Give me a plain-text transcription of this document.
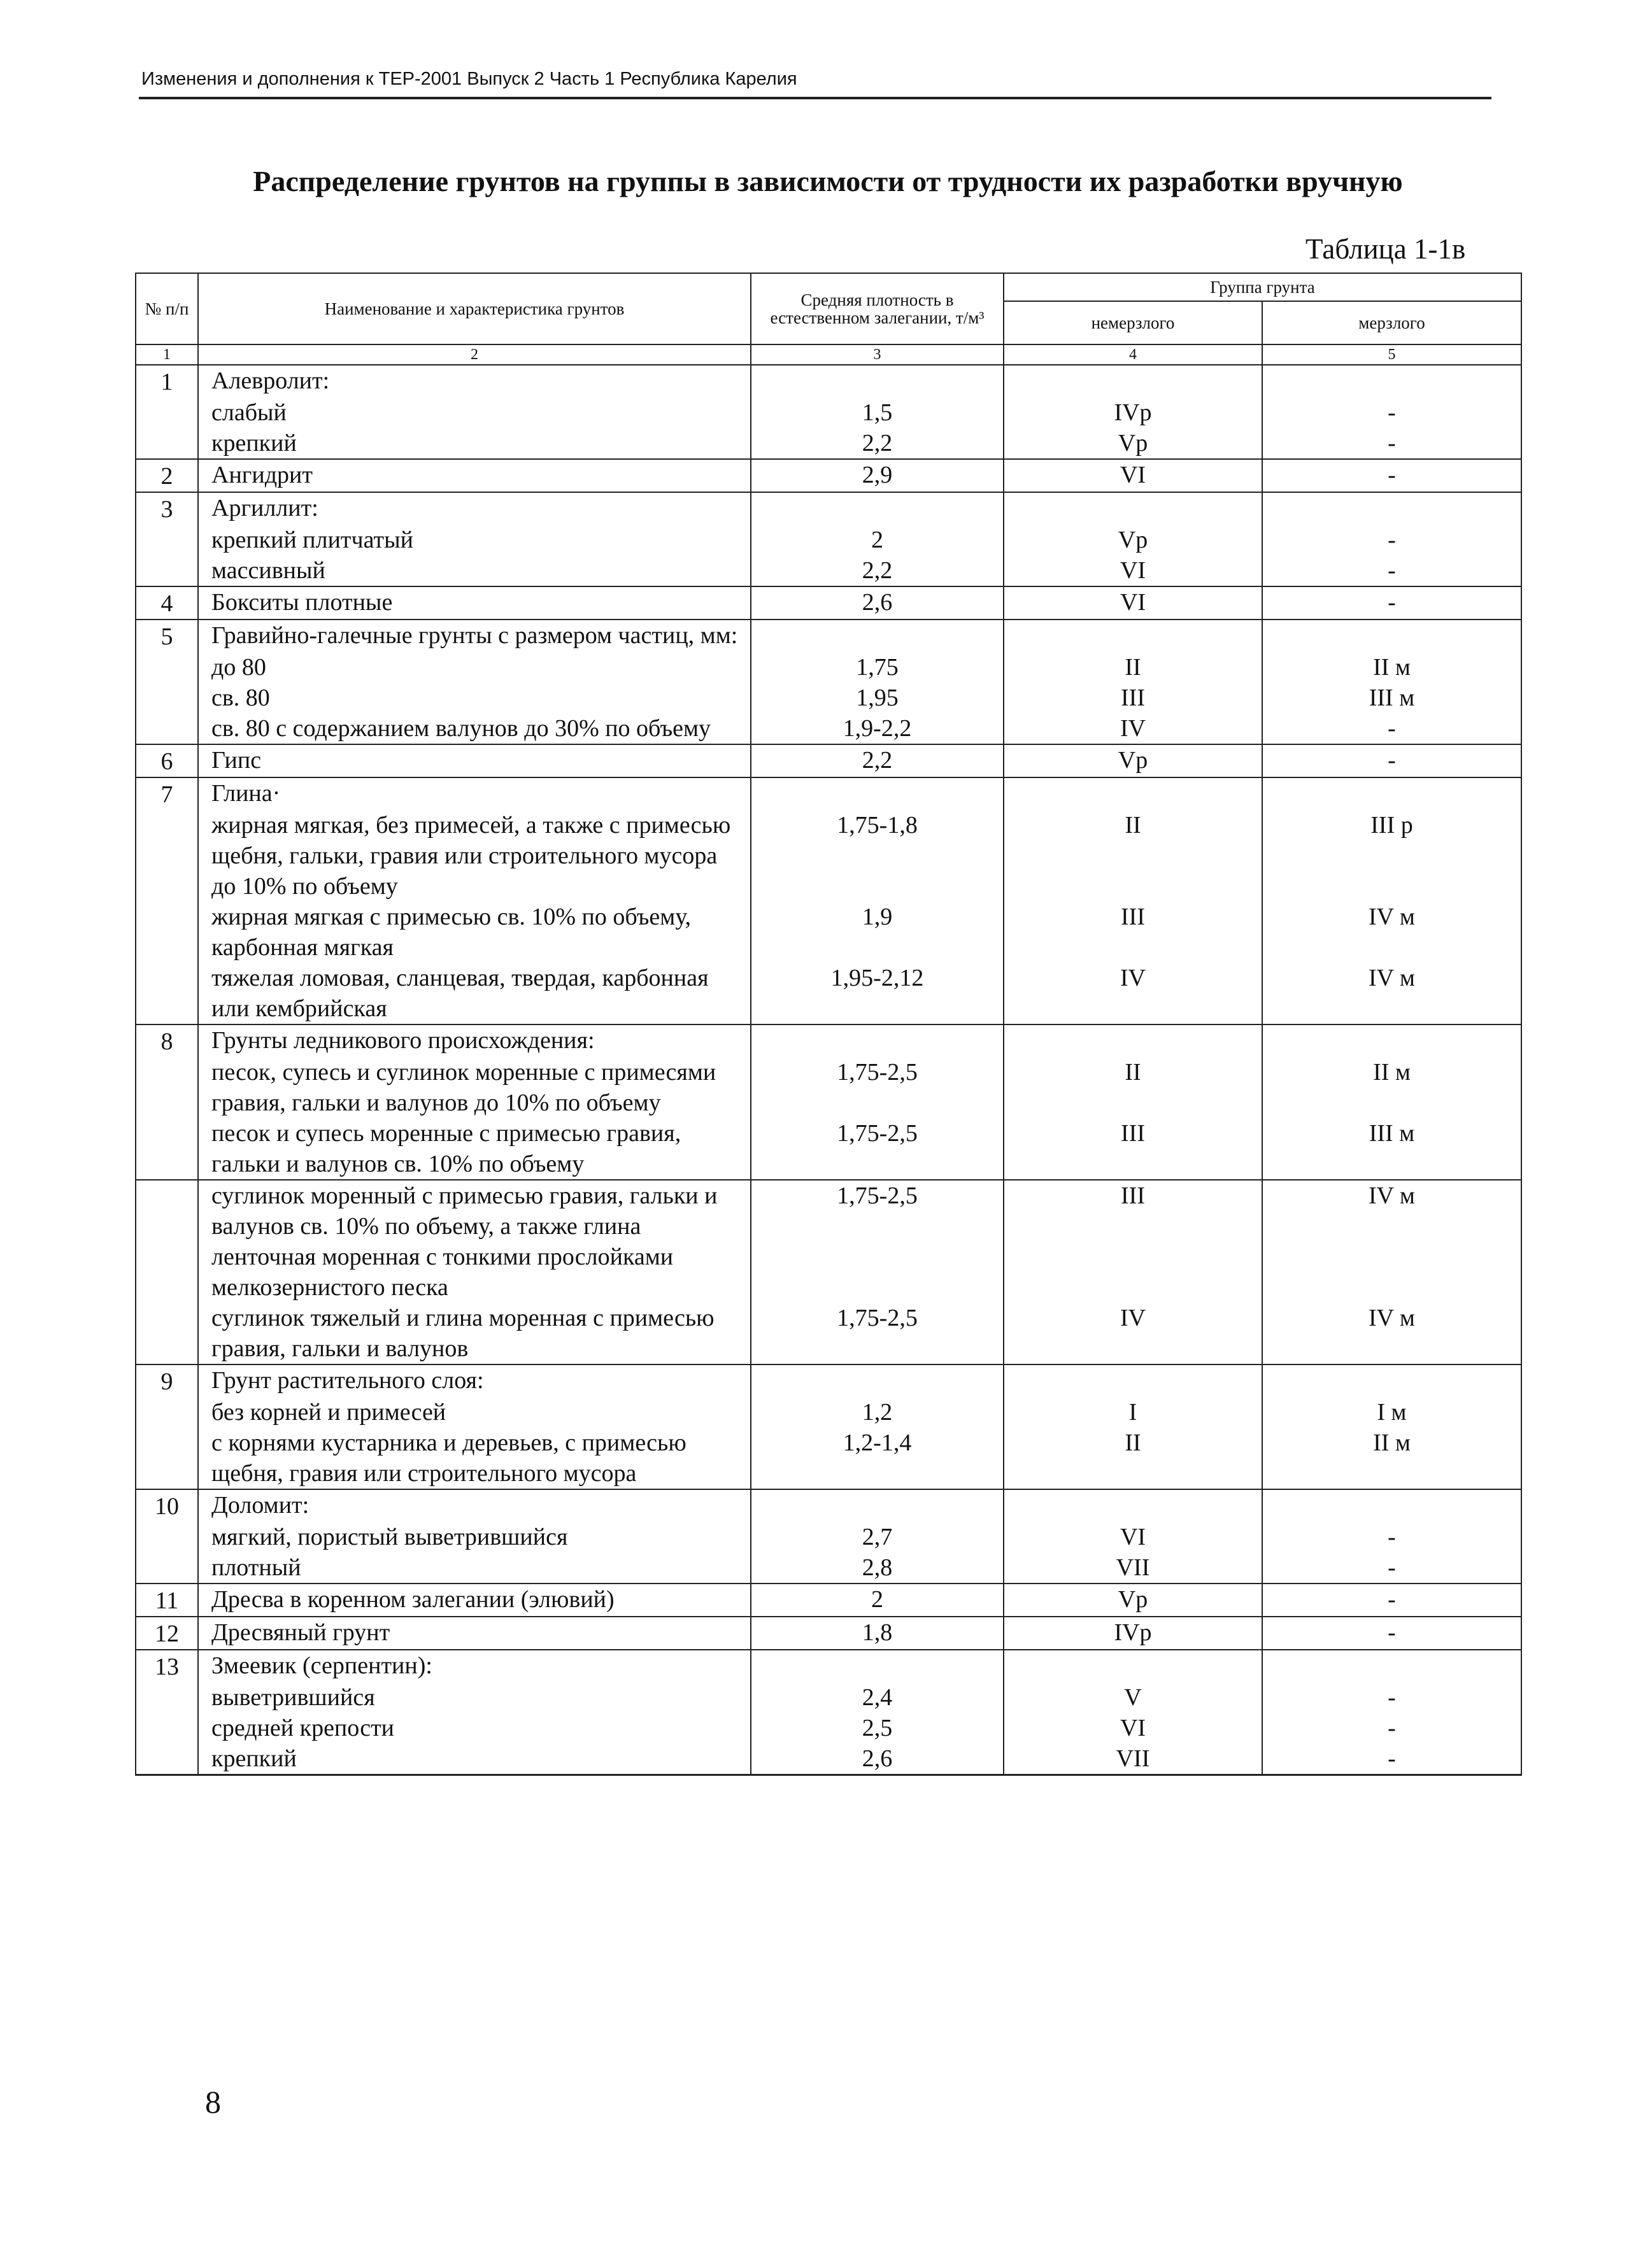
Изменения и дополнения к ТЕР-2001 Выпуск 2 Часть 1 Республика Карелия
Распределение грунтов на группы в зависимости от трудности их разработки вручную
Таблица 1-1в
№ п/п	Наименование и характеристика грунтов	Средняя плотность в естественном залегании, т/м³	Группа грунта	
			немерзлого	мерзлого
1	2	3	4	5
1	Алевролит:			
	слабый	1,5	IVр	-
	крепкий	2,2	Vр	-
2	Ангидрит	2,9	VI	-
3	Аргиллит:			
	крепкий плитчатый	2	Vр	-
	массивный	2,2	VI	-
4	Бокситы плотные	2,6	VI	-
5	Гравийно-галечные грунты с размером частиц, мм:			
	до 80	1,75	II	II м
	св. 80	1,95	III	III м
	св. 80 с содержанием валунов до 30% по объему	1,9-2,2	IV	-
6	Гипс	2,2	Vр	-
7	Глина·			
	жирная мягкая, без примесей, а также с примесью щебня, гальки, гравия или строительного мусора до 10% по объему	1,75-1,8	II	III р
	жирная мягкая с примесью св. 10% по объему, карбонная мягкая	1,9	III	IV м
	тяжелая ломовая, сланцевая, твердая, карбонная или кембрийская	1,95-2,12	IV	IV м
8	Грунты ледникового происхождения:			
	песок, супесь и суглинок моренные с примесями гравия, гальки и валунов до 10% по объему	1,75-2,5	II	II м
	песок и супесь моренные с примесью гравия, гальки и валунов св. 10% по объему	1,75-2,5	III	III м
	суглинок моренный с примесью гравия, гальки и валунов св. 10% по объему, а также глина ленточная моренная с тонкими прослойками мелкозернистого песка	1,75-2,5	III	IV м
	суглинок тяжелый и глина моренная с примесью гравия, гальки и валунов	1,75-2,5	IV	IV м
9	Грунт растительного слоя:			
	без корней и примесей	1,2	I	I м
	с корнями кустарника и деревьев, с примесью щебня, гравия или строительного мусора	1,2-1,4	II	II м
10	Доломит:			
	мягкий, пористый выветрившийся	2,7	VI	-
	плотный	2,8	VII	-
11	Дресва в коренном залегании (элювий)	2	Vр	-
12	Дресвяный грунт	1,8	IVр	-
13	Змеевик (серпентин):			
	выветрившийся	2,4	V	-
	средней крепости	2,5	VI	-
	крепкий	2,6	VII	-
8
